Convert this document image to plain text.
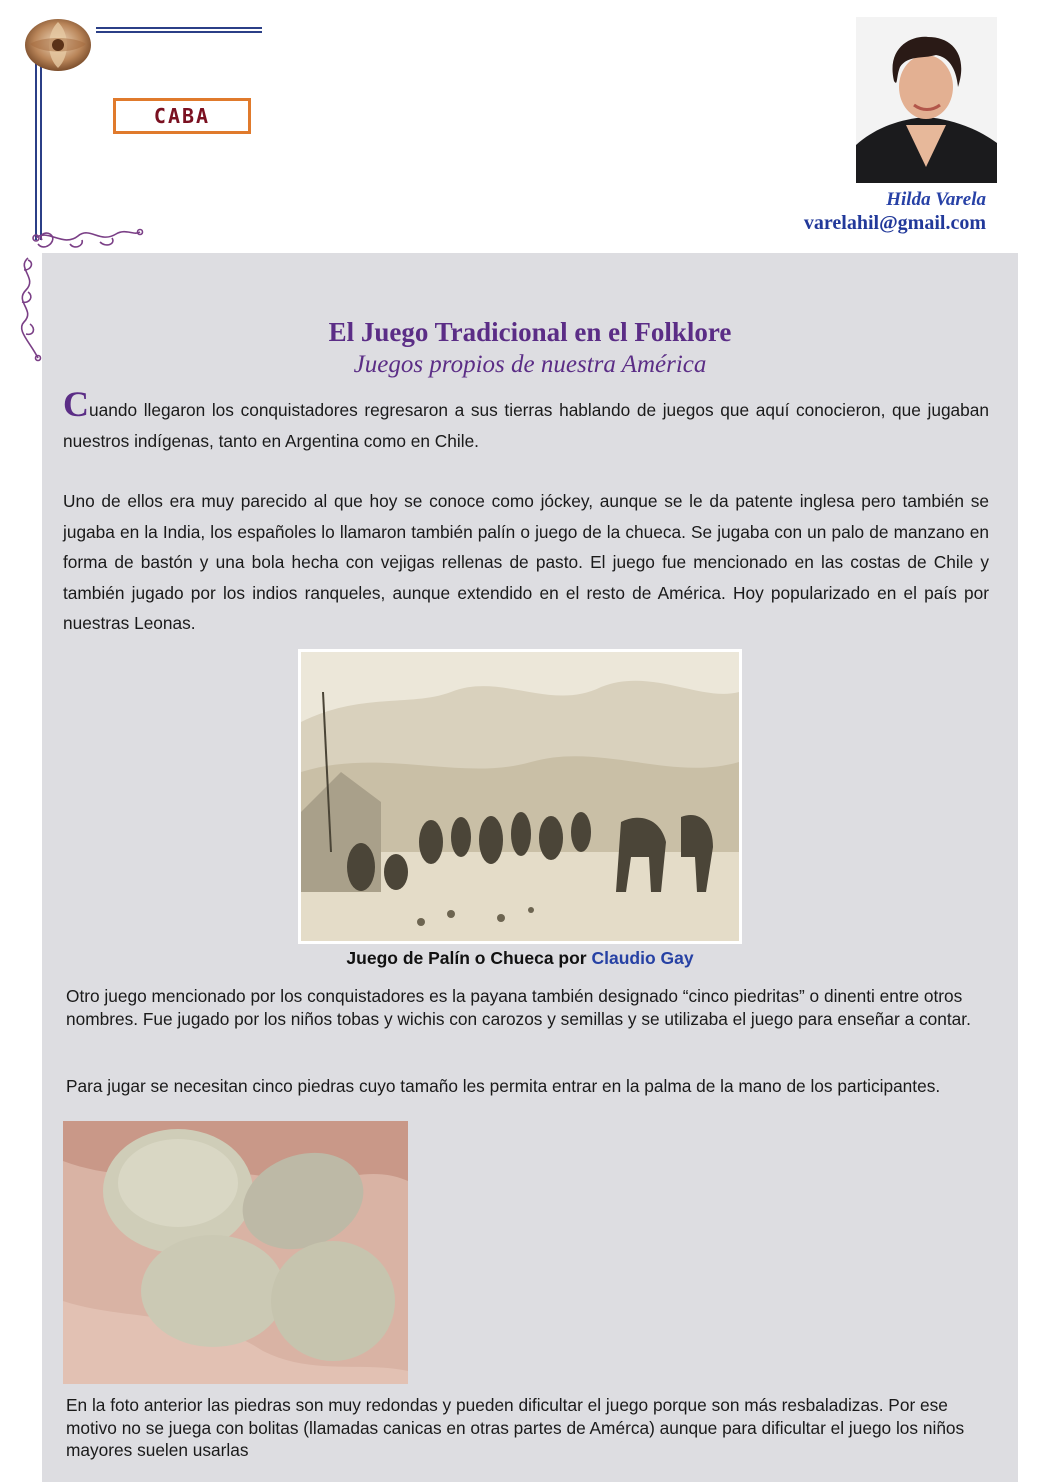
CABA
Hilda Varela
varelahil@gmail.com
El Juego Tradicional en el Folklore
Juegos propios de nuestra América

Cuando llegaron los conquistadores regresaron a sus tierras hablando de juegos que aquí conocieron, que jugaban nuestros indígenas, tanto en Argentina como en Chile.

Uno de ellos era muy parecido al que hoy se conoce como jóckey, aunque se le da patente inglesa pero también se jugaba en la India, los españoles lo llamaron también palín o juego de la chueca. Se jugaba con un palo de manzano en forma de bastón y una bola hecha con vejigas rellenas de pasto. El juego fue mencionado en las costas de Chile y también jugado por los indios ranqueles, aunque extendido en el resto de América. Hoy popularizado en el país por nuestras Leonas.

Juego de Palín o Chueca por Claudio Gay

Otro juego mencionado por los conquistadores es la payana también designado “cinco piedritas” o dinenti entre otros nombres. Fue jugado por los niños tobas y wichis con carozos y semillas y se utilizaba el juego para enseñar a contar.

Para jugar se necesitan cinco piedras cuyo tamaño les permita entrar en la palma de la mano de los participantes.

En la foto anterior las piedras son muy redondas y pueden dificultar el juego porque son más resbaladizas. Por ese motivo no se juega con bolitas (llamadas canicas en otras partes de Amérca) aunque para dificultar el juego los niños mayores suelen usarlas
